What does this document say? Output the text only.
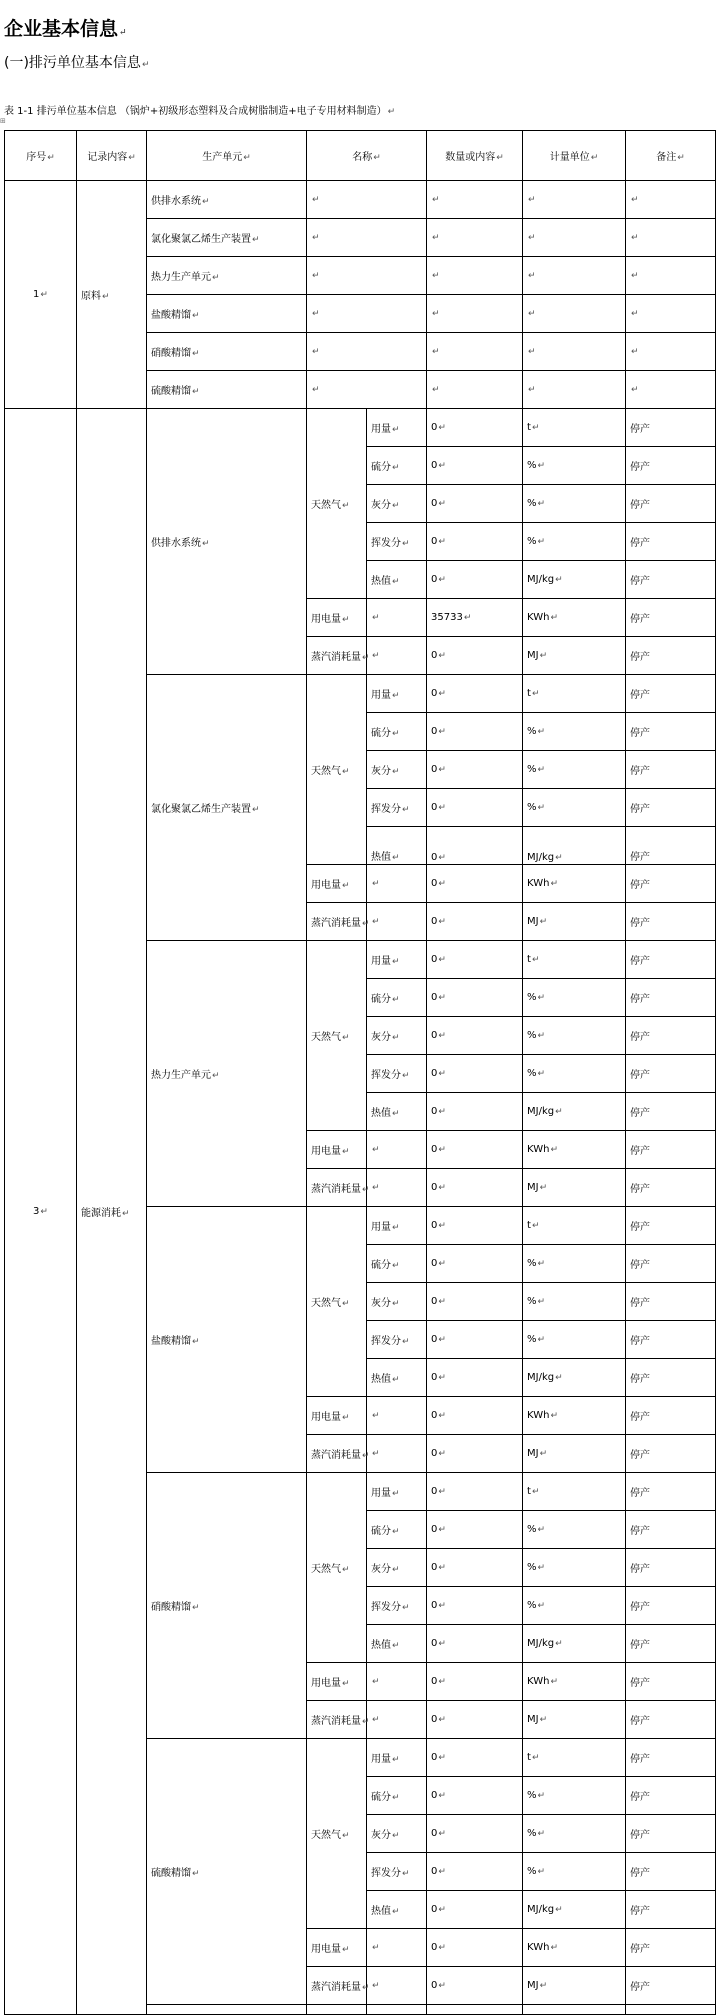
企业基本信息↵
(一)排污单位基本信息↵
表 1-1 排污单位基本信息 （锅炉+初级形态塑料及合成树脂制造+电子专用材料制造）↵
⊞
序号↵	记录内容↵	生产单元↵	名称↵		数量或内容↵	计量单位↵	备注↵
1↵	原料↵	供排水系统↵	↵		↵	↵	↵
		氯化聚氯乙烯生产装置↵	↵		↵	↵	↵
		热力生产单元↵	↵		↵	↵	↵
		盐酸精馏↵	↵		↵	↵	↵
		硝酸精馏↵	↵		↵	↵	↵
		硫酸精馏↵	↵		↵	↵	↵
3↵	能源消耗↵	供排水系统↵	天然气↵	用量↵	0↵	t↵	停产
				硫分↵	0↵	%↵	停产
				灰分↵	0↵	%↵	停产
				挥发分↵	0↵	%↵	停产
				热值↵	0↵	MJ/kg↵	停产
			用电量↵	↵	35733↵	KWh↵	停产
			蒸汽消耗量↵	↵	0↵	MJ↵	停产
		氯化聚氯乙烯生产装置↵	天然气↵	用量↵	0↵	t↵	停产
				硫分↵	0↵	%↵	停产
				灰分↵	0↵	%↵	停产
				挥发分↵	0↵	%↵	停产
				热值↵	0↵	MJ/kg↵	停产
			用电量↵	↵	0↵	KWh↵	停产
			蒸汽消耗量↵	↵	0↵	MJ↵	停产
		热力生产单元↵	天然气↵	用量↵	0↵	t↵	停产
				硫分↵	0↵	%↵	停产
				灰分↵	0↵	%↵	停产
				挥发分↵	0↵	%↵	停产
				热值↵	0↵	MJ/kg↵	停产
			用电量↵	↵	0↵	KWh↵	停产
			蒸汽消耗量↵	↵	0↵	MJ↵	停产
		盐酸精馏↵	天然气↵	用量↵	0↵	t↵	停产
				硫分↵	0↵	%↵	停产
				灰分↵	0↵	%↵	停产
				挥发分↵	0↵	%↵	停产
				热值↵	0↵	MJ/kg↵	停产
			用电量↵	↵	0↵	KWh↵	停产
			蒸汽消耗量↵	↵	0↵	MJ↵	停产
		硝酸精馏↵	天然气↵	用量↵	0↵	t↵	停产
				硫分↵	0↵	%↵	停产
				灰分↵	0↵	%↵	停产
				挥发分↵	0↵	%↵	停产
				热值↵	0↵	MJ/kg↵	停产
			用电量↵	↵	0↵	KWh↵	停产
			蒸汽消耗量↵	↵	0↵	MJ↵	停产
		硫酸精馏↵	天然气↵	用量↵	0↵	t↵	停产
				硫分↵	0↵	%↵	停产
				灰分↵	0↵	%↵	停产
				挥发分↵	0↵	%↵	停产
				热值↵	0↵	MJ/kg↵	停产
			用电量↵	↵	0↵	KWh↵	停产
			蒸汽消耗量↵	↵	0↵	MJ↵	停产
